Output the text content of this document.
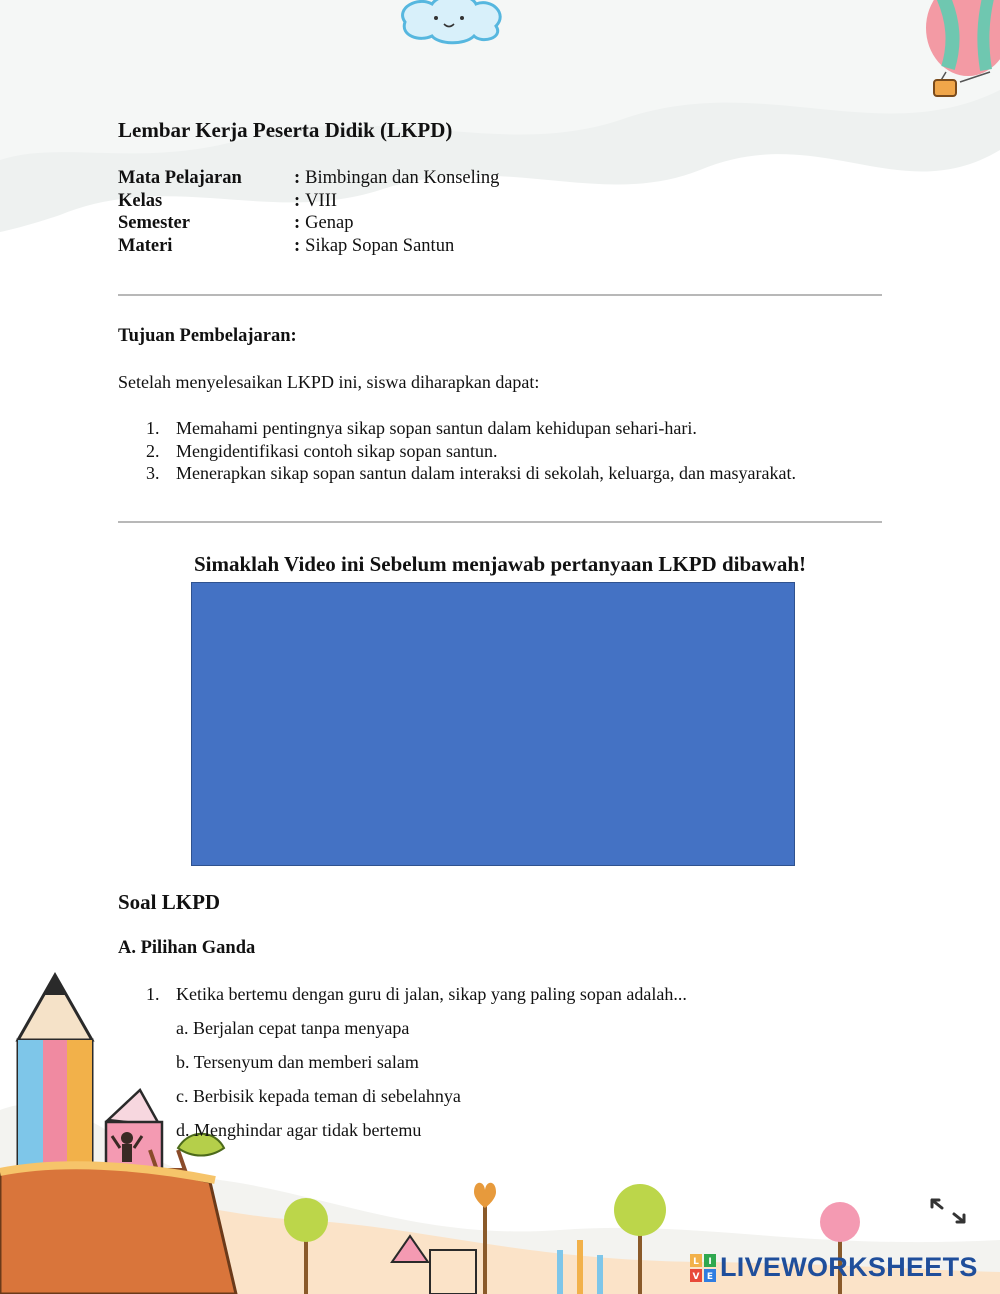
Lembar Kerja Peserta Didik (LKPD)
Mata Pelajaran	: Bimbingan dan Konseling
Kelas	: VIII
Semester	: Genap
Materi	: Sikap Sopan Santun
Tujuan Pembelajaran:
Setelah menyelesaikan LKPD ini, siswa diharapkan dapat:
1. Memahami pentingnya sikap sopan santun dalam kehidupan sehari-hari.
2. Mengidentifikasi contoh sikap sopan santun.
3. Menerapkan sikap sopan santun dalam interaksi di sekolah, keluarga, dan masyarakat.
Simaklah Video ini Sebelum menjawab pertanyaan LKPD dibawah!
Soal LKPD
A. Pilihan Ganda
1. Ketika bertemu dengan guru di jalan, sikap yang paling sopan adalah...
a. Berjalan cepat tanpa menyapa
b. Tersenyum dan memberi salam
c. Berbisik kepada teman di sebelahnya
d. Menghindar agar tidak bertemu
L I
V E LIVEWORKSHEETS
